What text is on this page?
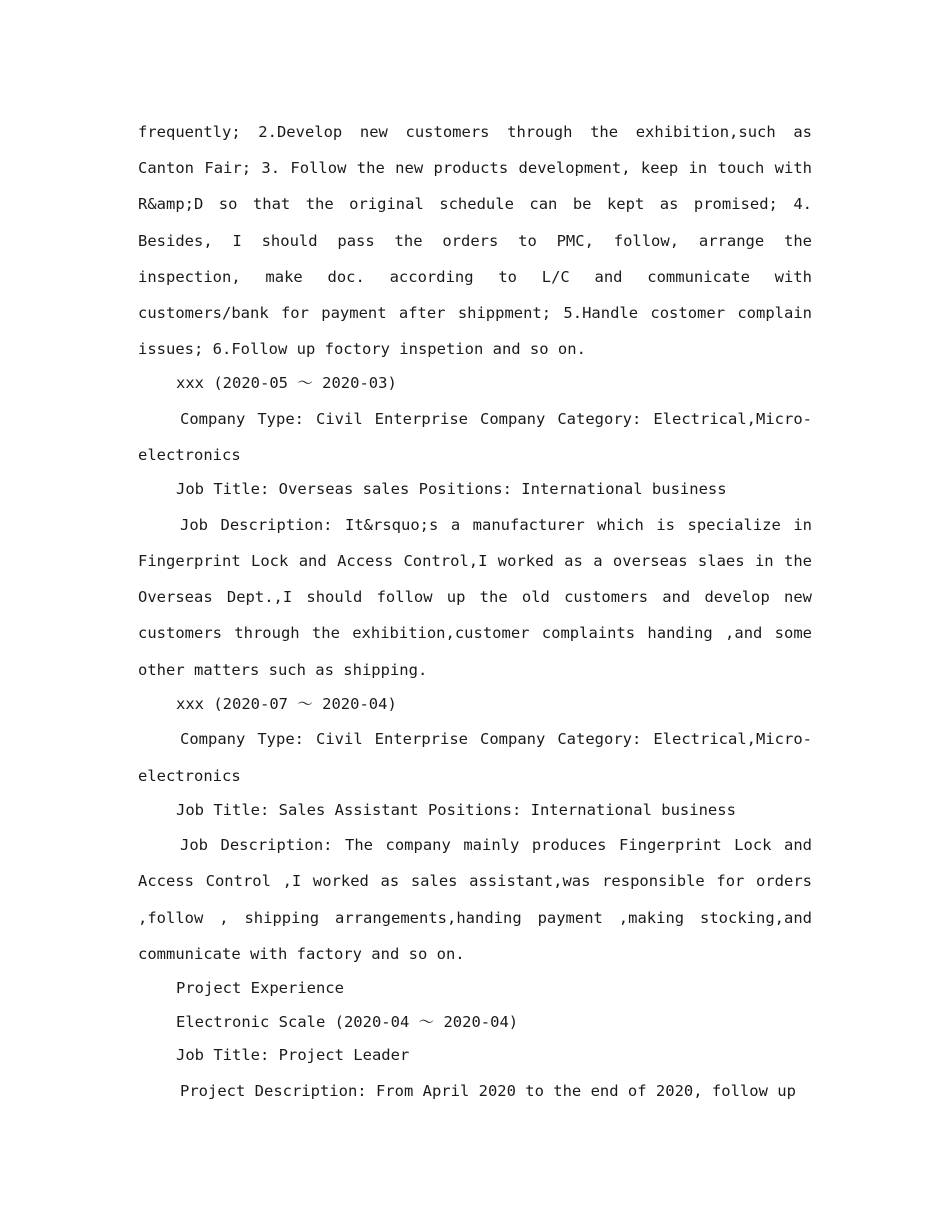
frequently; 2.Develop new customers through the exhibition,such as Canton Fair; 3. Follow the new products development, keep in touch with R&amp;D so that the original schedule can be kept as promised; 4. Besides, I should pass the orders to PMC, follow, arrange the inspection, make doc. according to L/C and communicate with customers/bank for payment after shippment; 5.Handle costomer complain issues; 6.Follow up foctory inspetion and so on.

xxx (2020-05 ～ 2020-03)

Company Type: Civil Enterprise Company Category: Electrical,Micro-electronics

Job Title: Overseas sales Positions: International business

Job Description: It&rsquo;s a manufacturer which is specialize in Fingerprint Lock and Access Control,I worked as a overseas slaes in the Overseas Dept.,I should follow up the old customers and develop new customers through the exhibition,customer complaints handing ,and some other matters such as shipping.

xxx (2020-07 ～ 2020-04)

Company Type: Civil Enterprise Company Category: Electrical,Micro-electronics

Job Title: Sales Assistant Positions: International business

Job Description: The company mainly produces Fingerprint Lock and Access Control ,I worked as sales assistant,was responsible for orders ,follow , shipping arrangements,handing payment ,making stocking,and communicate with factory and so on.

Project Experience

Electronic Scale (2020-04 ～ 2020-04)

Job Title: Project Leader

Project Description: From April 2020 to the end of 2020, follow up
